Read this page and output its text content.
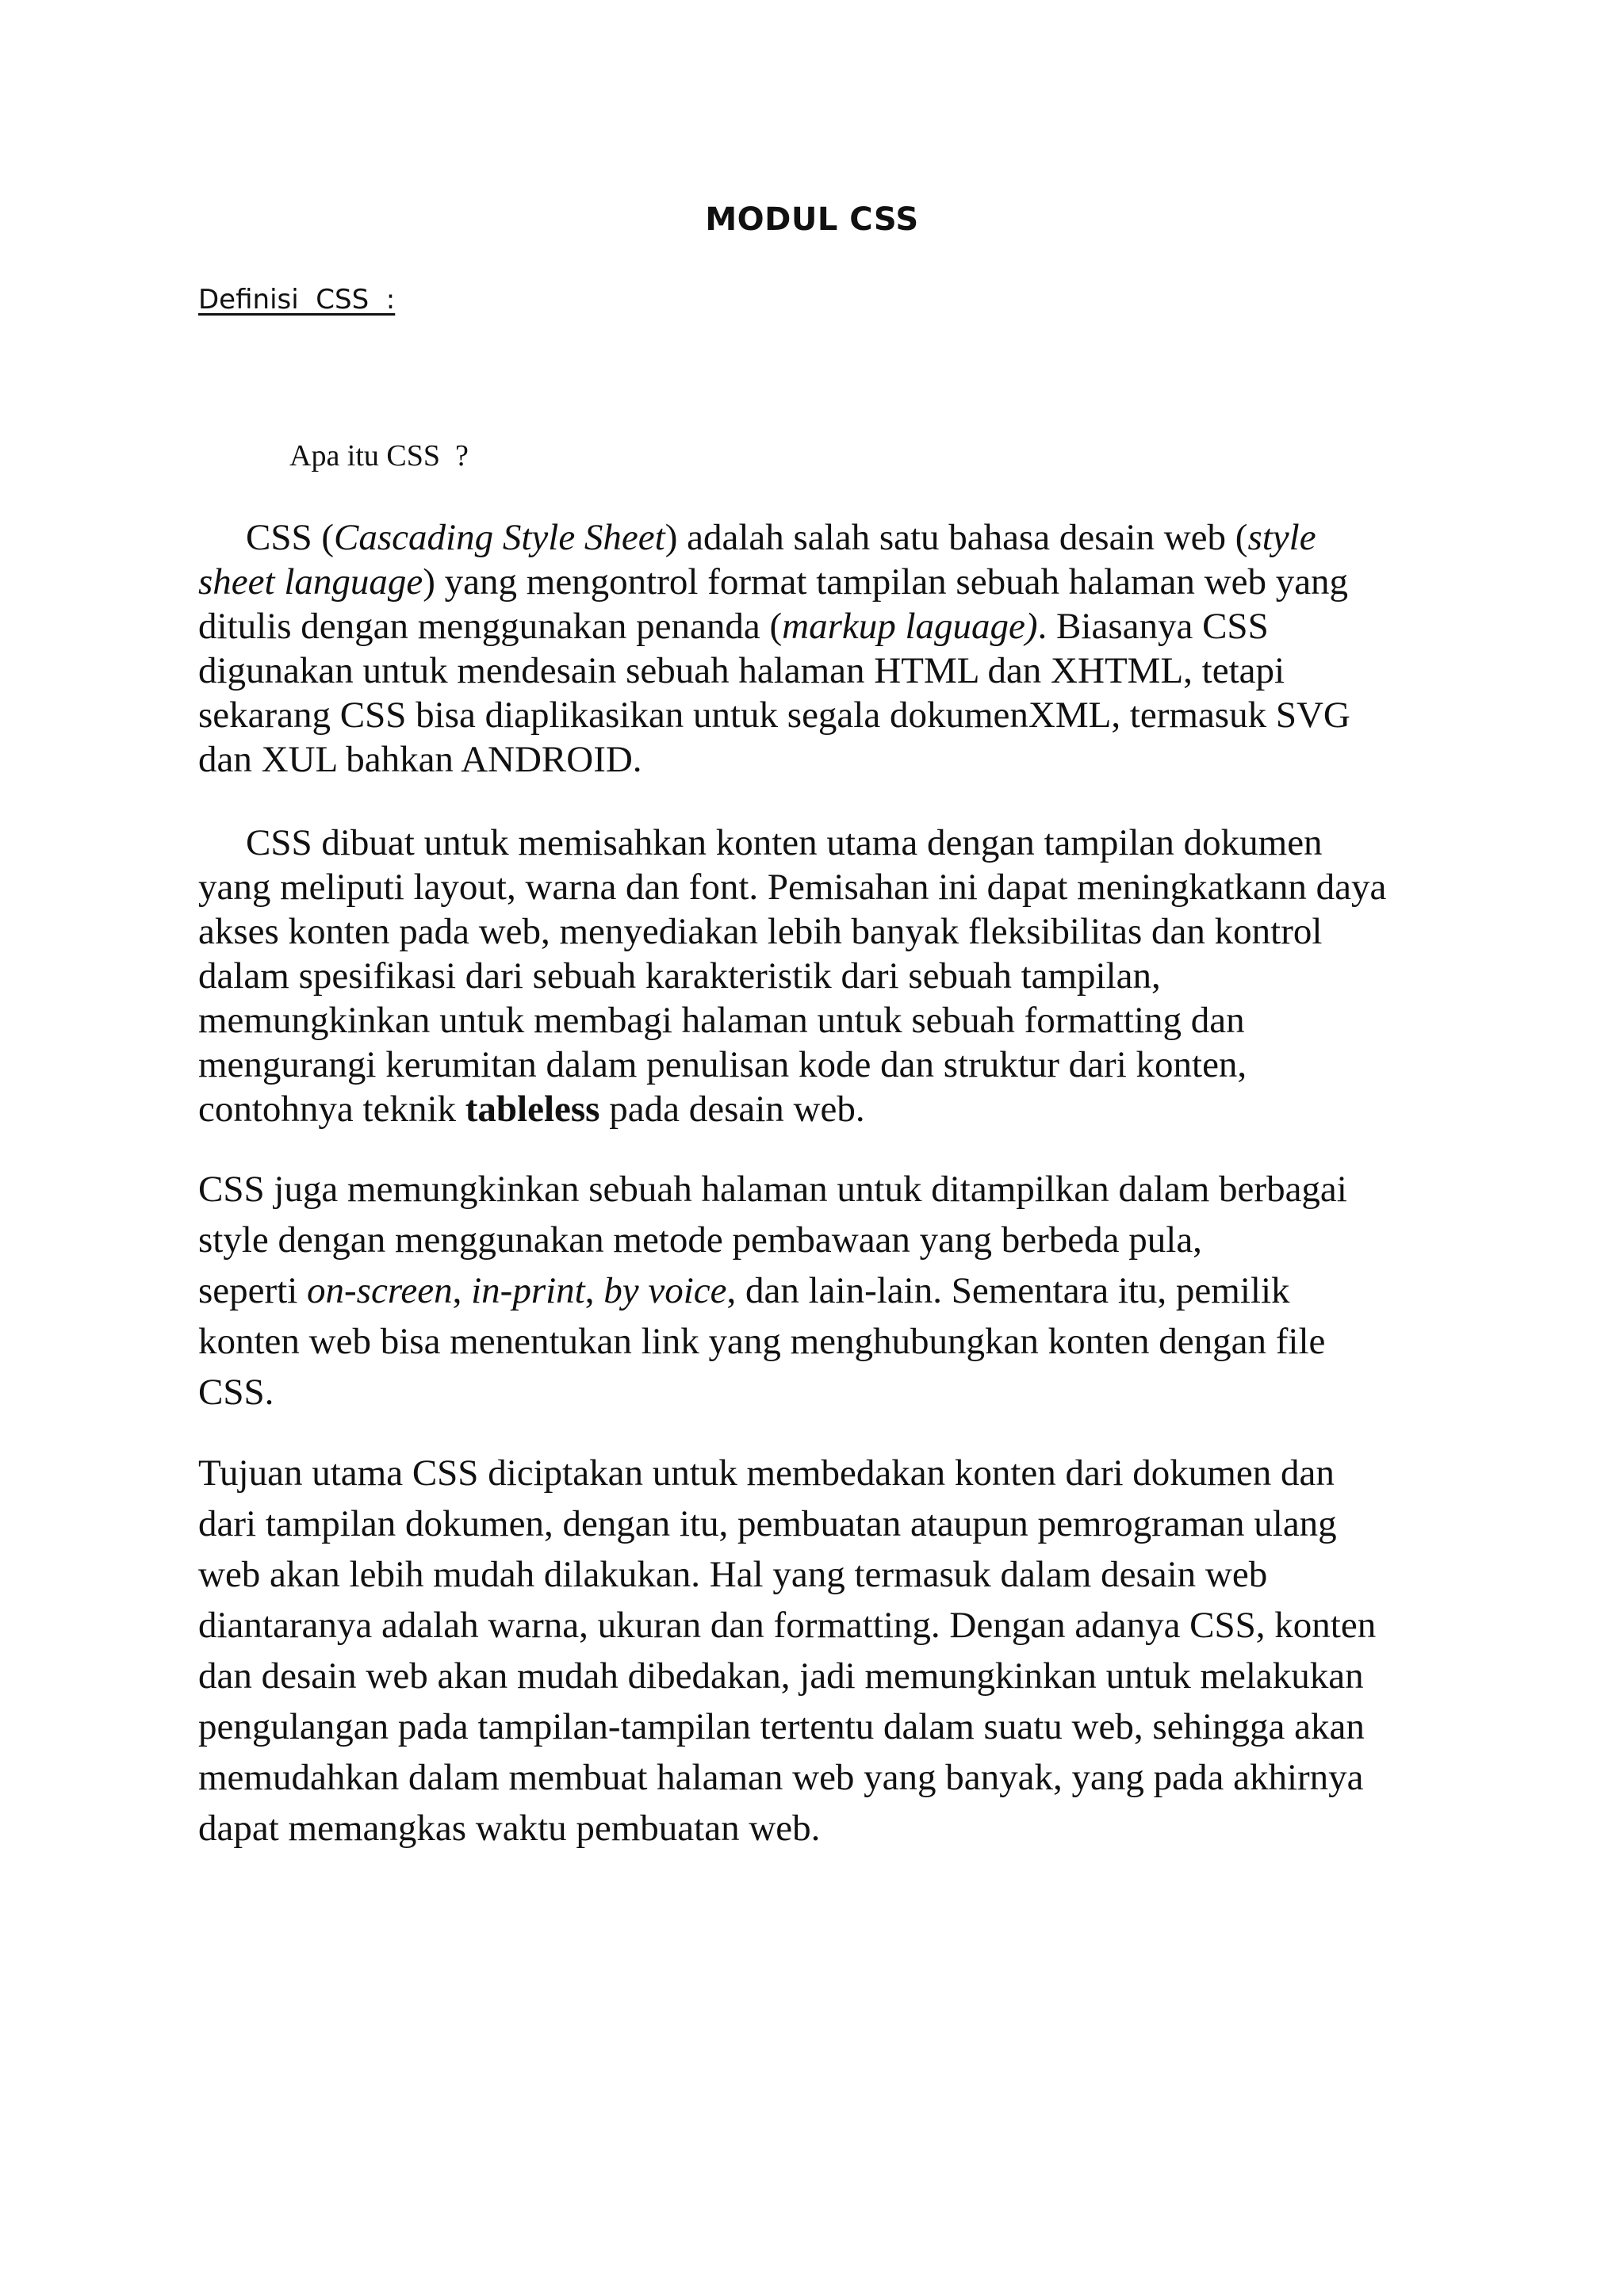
MODUL CSS
Definisi  CSS  :
Apa itu CSS  ?
CSS (Cascading Style Sheet) adalah salah satu bahasa desain web (style
sheet language) yang mengontrol format tampilan sebuah halaman web yang
ditulis dengan menggunakan penanda (markup laguage). Biasanya CSS
digunakan untuk mendesain sebuah halaman HTML dan XHTML, tetapi
sekarang CSS bisa diaplikasikan untuk segala dokumenXML, termasuk SVG
dan XUL bahkan ANDROID.
CSS dibuat untuk memisahkan konten utama dengan tampilan dokumen
yang meliputi layout, warna dan font. Pemisahan ini dapat meningkatkann daya
akses konten pada web, menyediakan lebih banyak fleksibilitas dan kontrol
dalam spesifikasi dari sebuah karakteristik dari sebuah tampilan,
memungkinkan untuk membagi halaman untuk sebuah formatting dan
mengurangi kerumitan dalam penulisan kode dan struktur dari konten,
contohnya teknik tableless pada desain web.
CSS juga memungkinkan sebuah halaman untuk ditampilkan dalam berbagai
style dengan menggunakan metode pembawaan yang berbeda pula,
seperti on-screen, in-print, by voice, dan lain-lain. Sementara itu, pemilik
konten web bisa menentukan link yang menghubungkan konten dengan file
CSS.
Tujuan utama CSS diciptakan untuk membedakan konten dari dokumen dan
dari tampilan dokumen, dengan itu, pembuatan ataupun pemrograman ulang
web akan lebih mudah dilakukan. Hal yang termasuk dalam desain web
diantaranya adalah warna, ukuran dan formatting. Dengan adanya CSS, konten
dan desain web akan mudah dibedakan, jadi memungkinkan untuk melakukan
pengulangan pada tampilan-tampilan tertentu dalam suatu web, sehingga akan
memudahkan dalam membuat halaman web yang banyak, yang pada akhirnya
dapat memangkas waktu pembuatan web.
